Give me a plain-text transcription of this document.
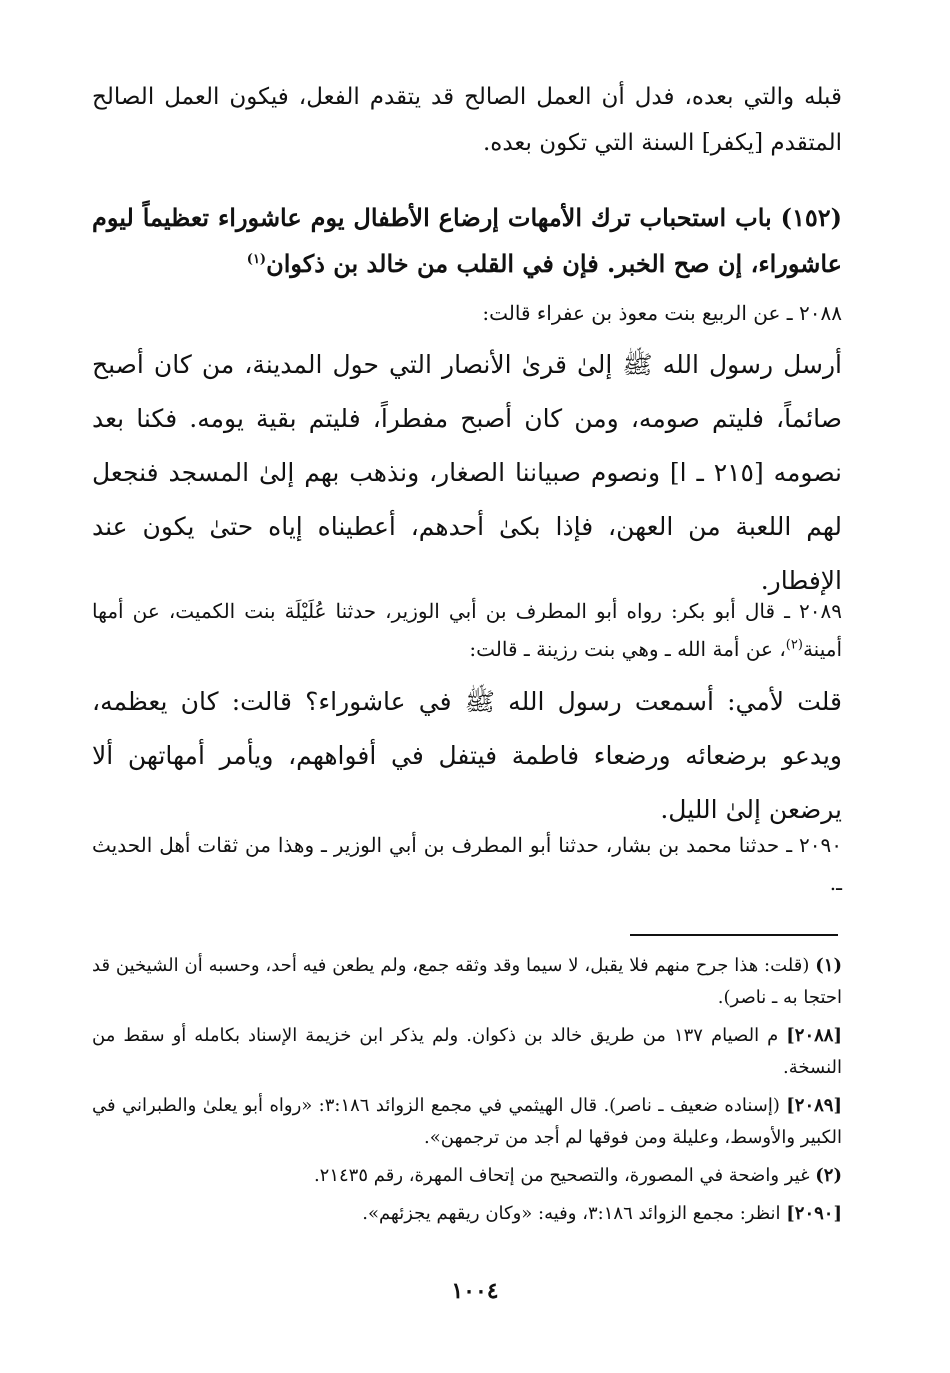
قبله والتي بعده، فدل أن العمل الصالح قد يتقدم الفعل، فيكون العمل الصالح المتقدم [يكفر] السنة التي تكون بعده.

(١٥٢) باب استحباب ترك الأمهات إرضاع الأطفال يوم عاشوراء تعظيماً ليوم عاشوراء، إن صح الخبر. فإن في القلب من خالد بن ذكوان$^{(١)}$

٢٠٨٨ ـ عن الربيع بنت معوذ بن عفراء قالت:

أرسل رسول الله ﷺ إلىٰ قرىٰ الأنصار التي حول المدينة، من كان أصبح صائماً، فليتم صومه، ومن كان أصبح مفطراً، فليتم بقية يومه. فكنا بعد نصومه [٢١٥ ـ ا] ونصوم صبياننا الصغار، ونذهب بهم إلىٰ المسجد فنجعل لهم اللعبة من العهن، فإذا بكىٰ أحدهم، أعطيناه إياه حتىٰ يكون عند الإفطار.

٢٠٨٩ ـ قال أبو بكر: رواه أبو المطرف بن أبي الوزير، حدثنا عُلَيْلَة بنت الكميت، عن أمها أمينة$^{(٢)}$، عن أمة الله ـ وهي بنت رزينة ـ قالت:

قلت لأمي: أسمعت رسول الله ﷺ في عاشوراء؟ قالت: كان يعظمه، ويدعو برضعائه ورضعاء فاطمة فيتفل في أفواههم، ويأمر أمهاتهن ألا يرضعن إلىٰ الليل.

٢٠٩٠ ـ حدثنا محمد بن بشار، حدثنا أبو المطرف بن أبي الوزير ـ وهذا من ثقات أهل الحديث ـ.

(١) (قلت: هذا جرح منهم فلا يقبل، لا سيما وقد وثقه جمع، ولم يطعن فيه أحد، وحسبه أن الشيخين قد احتجا به ـ ناصر).

[٢٠٨٨] م الصيام ١٣٧ من طريق خالد بن ذكوان. ولم يذكر ابن خزيمة الإسناد بكامله أو سقط من النسخة.

[٢٠٨٩] (إسناده ضعيف ـ ناصر). قال الهيثمي في مجمع الزوائد ٣:١٨٦: «رواه أبو يعلىٰ والطبراني في الكبير والأوسط، وعليلة ومن فوقها لم أجد من ترجمهن».

(٢) غير واضحة في المصورة، والتصحيح من إتحاف المهرة، رقم ٢١٤٣٥.

[٢٠٩٠] انظر: مجمع الزوائد ٣:١٨٦، وفيه: «وكان ريقهم يجزئهم».

١٠٠٤
